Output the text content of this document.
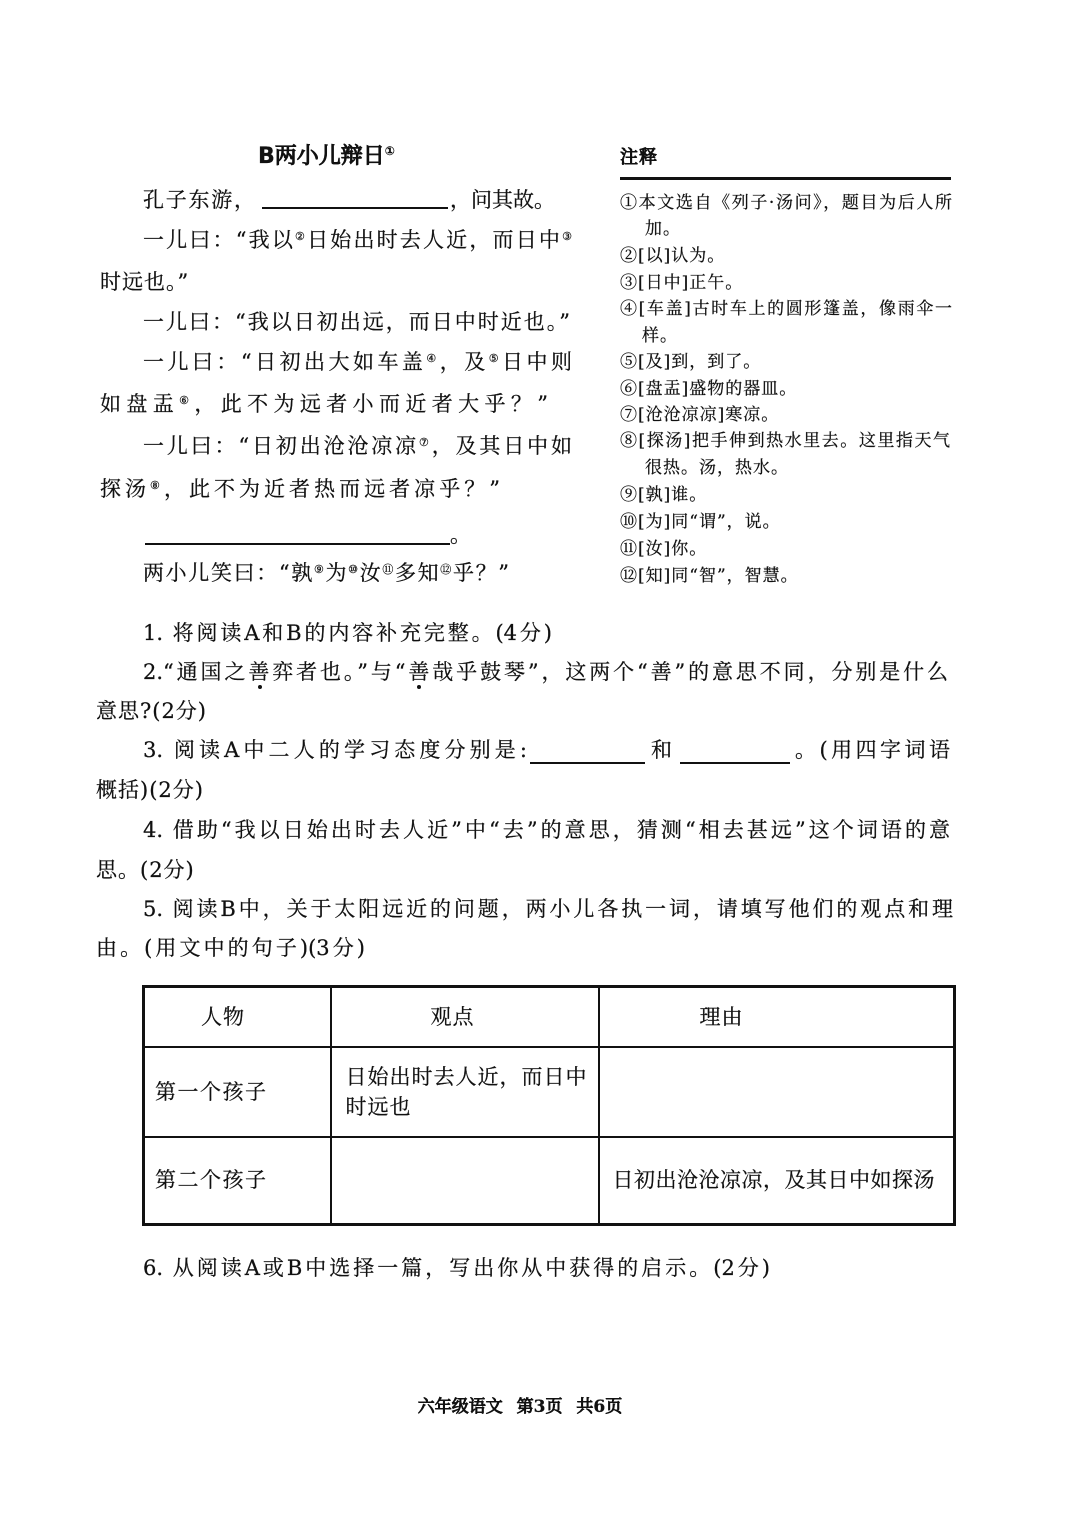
B两小儿辩日①
孔子东游，	，问其故。
一儿曰：“我以②日始出时去人近，而日中③
时远也。”
一儿曰：“我以日初出远，而日中时近也。”
一儿曰：“日初出大如车盖④，及⑤日中则
如盘盂⑥，此不为远者小而近者大乎？”
一儿曰：“日初出沧沧凉凉⑦，及其日中如
探汤⑧，此不为近者热而远者凉乎？”
。
两小儿笑曰：“孰⑨为⑩汝⑪多知⑫乎？”
注释
①本文选自《列子·汤问》，题目为后人所
加。
②[以]认为。
③[日中]正午。
④[车盖]古时车上的圆形篷盖，像雨伞一
样。
⑤[及]到，到了。
⑥[盘盂]盛物的器皿。
⑦[沧沧凉凉]寒凉。
⑧[探汤]把手伸到热水里去。这里指天气
很热。汤，热水。
⑨[孰]谁。
⑩[为]同“谓”，说。
⑪[汝]你。
⑫[知]同“智”，智慧。
1. 将阅读A和B的内容补充完整。(4分)
2.“通国之善弈者也。”与“善哉乎鼓琴”，这两个“善”的意思不同，分别是什么
意思?(2分)
3. 阅读A中二人的学习态度分别是:	和	。(用四字词语
概括)(2分)
4. 借助“我以日始出时去人近”中“去”的意思，猜测“相去甚远”这个词语的意
思。(2分)
5. 阅读B中，关于太阳远近的问题，两小儿各执一词，请填写他们的观点和理
由。(用文中的句子)(3分)
人物	观点	理由
第一个孩子	日始出时去人近，而日中时远也	
第二个孩子		日初出沧沧凉凉，及其日中如探汤
6. 从阅读A或B中选择一篇，写出你从中获得的启示。(2分)
六年级语文 第3页 共6页
